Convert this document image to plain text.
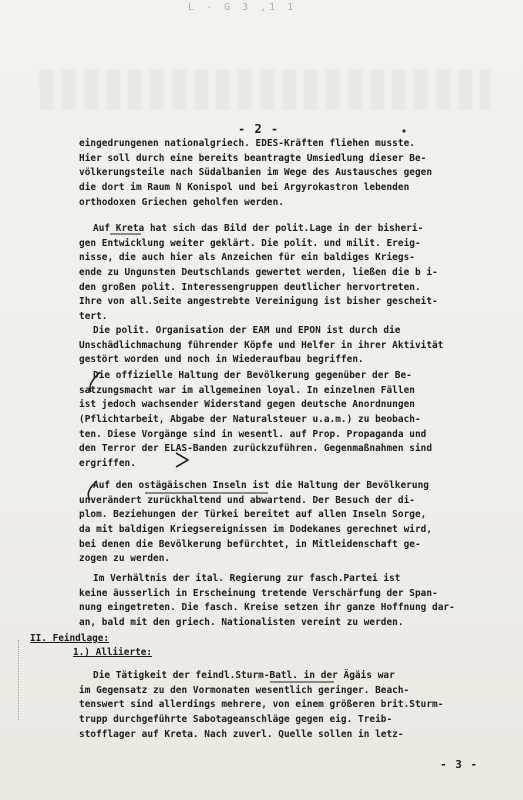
L - G 3 ,1 1
- 2 -
eingedrungenen nationalgriech. EDES-Kräften fliehen musste.
Hier soll durch eine bereits beantragte Umsiedlung dieser Be-
völkerungsteile nach Südalbanien im Wege des Austausches gegen
die dort im Raum N Konispol und bei Argyrokastron lebenden
orthodoxen Griechen geholfen werden.
Auf Kreta hat sich das Bild der polit.Lage in der bisheri-
gen Entwicklung weiter geklärt. Die polit. und milit. Ereig-
nisse, die auch hier als Anzeichen für ein baldiges Kriegs-
ende zu Ungunsten Deutschlands gewertet werden, ließen die b i-
den großen polit. Interessengruppen deutlicher hervortreten.
Ihre von all.Seite angestrebte Vereinigung ist bisher gescheit-
tert.
Die polit. Organisation der EAM und EPON ist durch die
Unschädlichmachung führender Köpfe und Helfer in ihrer Aktivität
gestört worden und noch in Wiederaufbau begriffen.
Die offizielle Haltung der Bevölkerung gegenüber der Be-
satzungsmacht war im allgemeinen loyal. In einzelnen Fällen
ist jedoch wachsender Widerstand gegen deutsche Anordnungen
(Pflichtarbeit, Abgabe der Naturalsteuer u.a.m.) zu beobach-
ten. Diese Vorgänge sind in wesentl. auf Prop. Propaganda und
den Terror der ELAS-Banden zurückzuführen. Gegenmaßnahmen sind
ergriffen.
Auf den ostägäischen Inseln ist die Haltung der Bevölkerung
unverändert zurückhaltend und abwartend. Der Besuch der di-
plom. Beziehungen der Türkei bereitet auf allen Inseln Sorge,
da mit baldigen Kriegsereignissen im Dodekanes gerechnet wird,
bei denen die Bevölkerung befürchtet, in Mitleidenschaft ge-
zogen zu werden.
Im Verhältnis der ital. Regierung zur fasch.Partei ist
keine äusserlich in Erscheinung tretende Verschärfung der Span-
nung eingetreten. Die fasch. Kreise setzen ihr ganze Hoffnung dar-
an, bald mit den griech. Nationalisten vereint zu werden.
II. Feindlage:
1.) Alliierte:
Die Tätigkeit der feindl.Sturm-Batl. in der Ägäis war
im Gegensatz zu den Vormonaten wesentlich geringer. Beach-
tenswert sind allerdings mehrere, von einem größeren brit.Sturm-
trupp durchgeführte Sabotageanschläge gegen eig. Treib-
stofflager auf Kreta. Nach zuverl. Quelle sollen in letz-
- 3 -
